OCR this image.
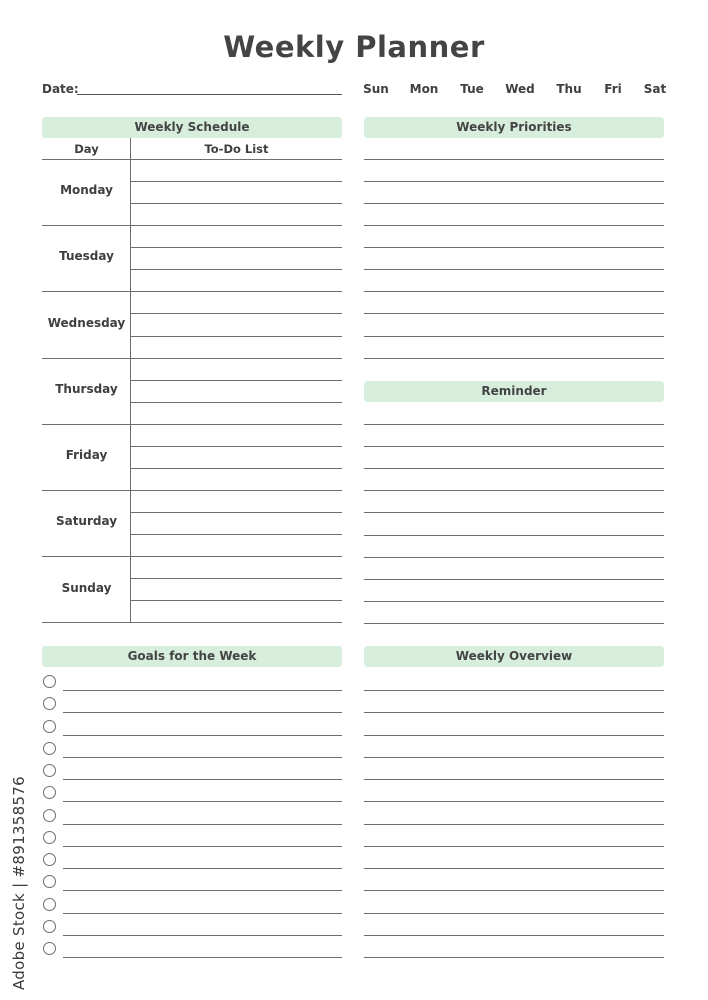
Weekly Planner
Date:	Sun	Mon	Tue	Wed	Thu	Fri	Sat
Weekly Schedule
Day	To-Do List
Monday
Tuesday
Wednesday
Thursday
Friday
Saturday
Sunday
Weekly Priorities
Reminder
Goals for the Week	Weekly Overview
Adobe Stock | #891358576
